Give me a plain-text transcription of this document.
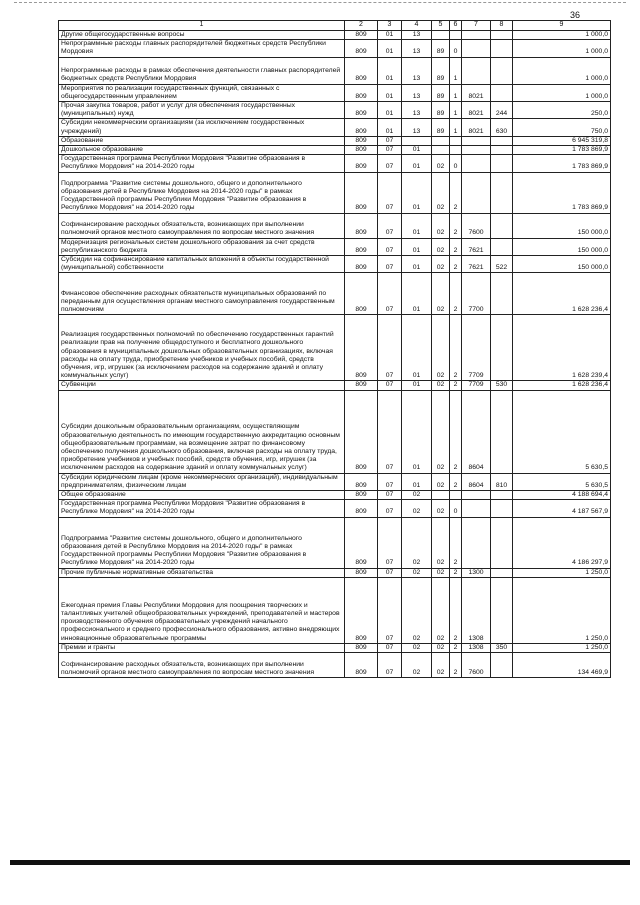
36
1	2	3	4	5	6	7	8	9
Другие общегосударственные вопросы	809	01	13					1 000,0
Непрограммные расходы главных распорядителей бюджетных средств Республики Мордовия	809	01	13	89	0			1 000,0
Непрограммные расходы в рамках обеспечения деятельности главных распорядителей бюджетных средств Республики Мордовия	809	01	13	89	1			1 000,0
Мероприятия по реализации государственных функций, связанных с общегосударственным управлением	809	01	13	89	1	8021		1 000,0
Прочая закупка товаров, работ и услуг для обеспечения государственных (муниципальных) нужд	809	01	13	89	1	8021	244	250,0
Субсидии некоммерческим организациям (за исключением государственных учреждений)	809	01	13	89	1	8021	630	750,0
Образование	809	07						6 945 319,8
Дошкольное образование	809	07	01					1 783 869,9
Государственная программа Республики Мордовия "Развитие образования в Республике Мордовия" на 2014-2020 годы	809	07	01	02	0			1 783 869,9
Подпрограмма "Развитие системы дошкольного, общего и дополнительного образования детей в Республике Мордовия на 2014-2020 годы" в рамках Государственной программы Республики Мордовия "Развитие образования в Республике Мордовия" на 2014-2020 годы	809	07	01	02	2			1 783 869,9
Софинансирование расходных обязательств, возникающих при выполнении полномочий органов местного самоуправления по вопросам местного значения	809	07	01	02	2	7600		150 000,0
Модернизация региональных систем дошкольного образования за счет средств республиканского бюджета	809	07	01	02	2	7621		150 000,0
Субсидии на софинансирование капитальных вложений в объекты государственной (муниципальной) собственности	809	07	01	02	2	7621	522	150 000,0
Финансовое обеспечение расходных обязательств муниципальных образований по переданным для осуществления органам местного самоуправления государственным полномочиям	809	07	01	02	2	7700		1 628 236,4
Реализация государственных полномочий по обеспечению государственных гарантий реализации прав на получение общедоступного и бесплатного дошкольного образования в муниципальных дошкольных образовательных организациях, включая расходы на оплату труда, приобретение учебников и учебных пособий, средств обучения, игр, игрушек (за исключением расходов на содержание зданий и оплату коммунальных услуг)	809	07	01	02	2	7709		1 628 239,4
Субвенции	809	07	01	02	2	7709	530	1 628 236,4
Субсидии дошкольным образовательным организациям, осуществляющим образовательную деятельность по имеющим государственную аккредитацию основным общеобразовательным программам, на возмещение затрат по финансовому обеспечению получения дошкольного образования, включая расходы на оплату труда, приобретение учебников и учебных пособий, средств обучения, игр, игрушек (за исключением расходов на содержание зданий и оплату коммунальных услуг)	809	07	01	02	2	8604		5 630,5
Субсидии юридическим лицам (кроме некоммерческих организаций), индивидуальным предпринимателям, физическим лицам	809	07	01	02	2	8604	810	5 630,5
Общее образование	809	07	02					4 188 694,4
Государственная программа Республики Мордовия "Развитие образования в Республике Мордовия" на 2014-2020 годы	809	07	02	02	0			4 187 567,9
Подпрограмма "Развитие системы дошкольного, общего и дополнительного образования детей в Республике Мордовия на 2014-2020 годы" в рамках Государственной программы Республики Мордовия "Развитие образования в Республике Мордовия" на 2014-2020 годы	809	07	02	02	2			4 186 297,9
Прочие публичные нормативные обязательства	809	07	02	02	2	1300		1 250,0
Ежегодная премия Главы Республики Мордовия для поощрения творческих и талантливых учителей общеобразовательных учреждений, преподавателей и мастеров производственного обучения образовательных учреждений начального профессионального и среднего профессионального образования, активно внедряющих инновационные образовательные программы	809	07	02	02	2	1308		1 250,0
Премии и гранты	809	07	02	02	2	1308	350	1 250,0
Софинансирование расходных обязательств, возникающих при выполнении полномочий органов местного самоуправления по вопросам местного значения	809	07	02	02	2	7600		134 469,9
